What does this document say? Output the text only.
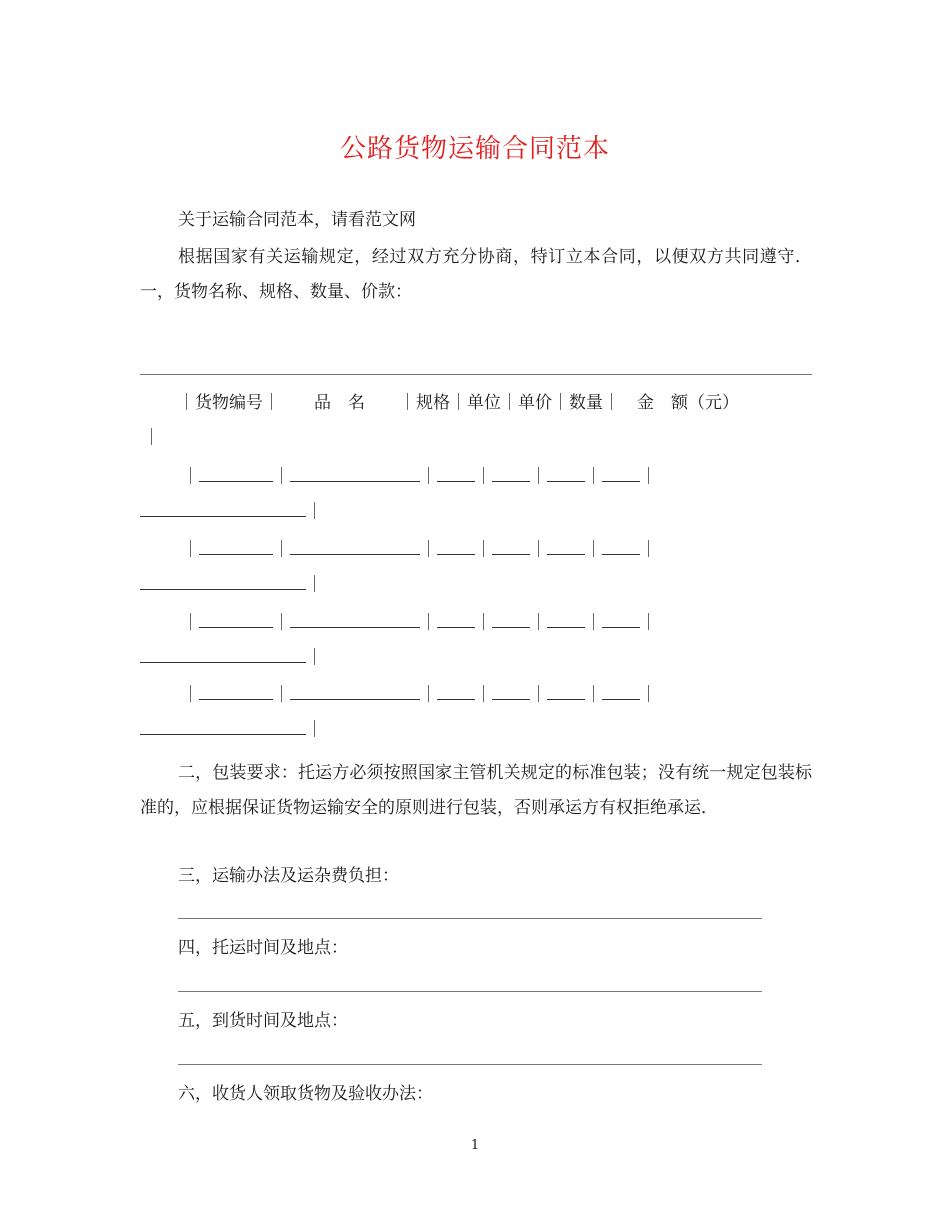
公路货物运输合同范本
关于运输合同范本，请看范文网
根据国家有关运输规定，经过双方充分协商，特订立本合同，以便双方共同遵守．一，货物名称、规格、数量、价款：
｜货物编号｜　　品　名　　｜规格｜单位｜单价｜数量｜　金　额（元）
｜
｜	｜	｜ ｜ ｜ ｜ ｜
｜
｜	｜	｜ ｜ ｜ ｜ ｜
｜
｜	｜	｜ ｜ ｜ ｜ ｜
｜
｜	｜	｜ ｜ ｜ ｜ ｜
｜
二，包装要求：托运方必须按照国家主管机关规定的标准包装；没有统一规定包装标准的，应根据保证货物运输安全的原则进行包装，否则承运方有权拒绝承运．
三，运输办法及运杂费负担：
四，托运时间及地点：
五，到货时间及地点：
六，收货人领取货物及验收办法：
1
